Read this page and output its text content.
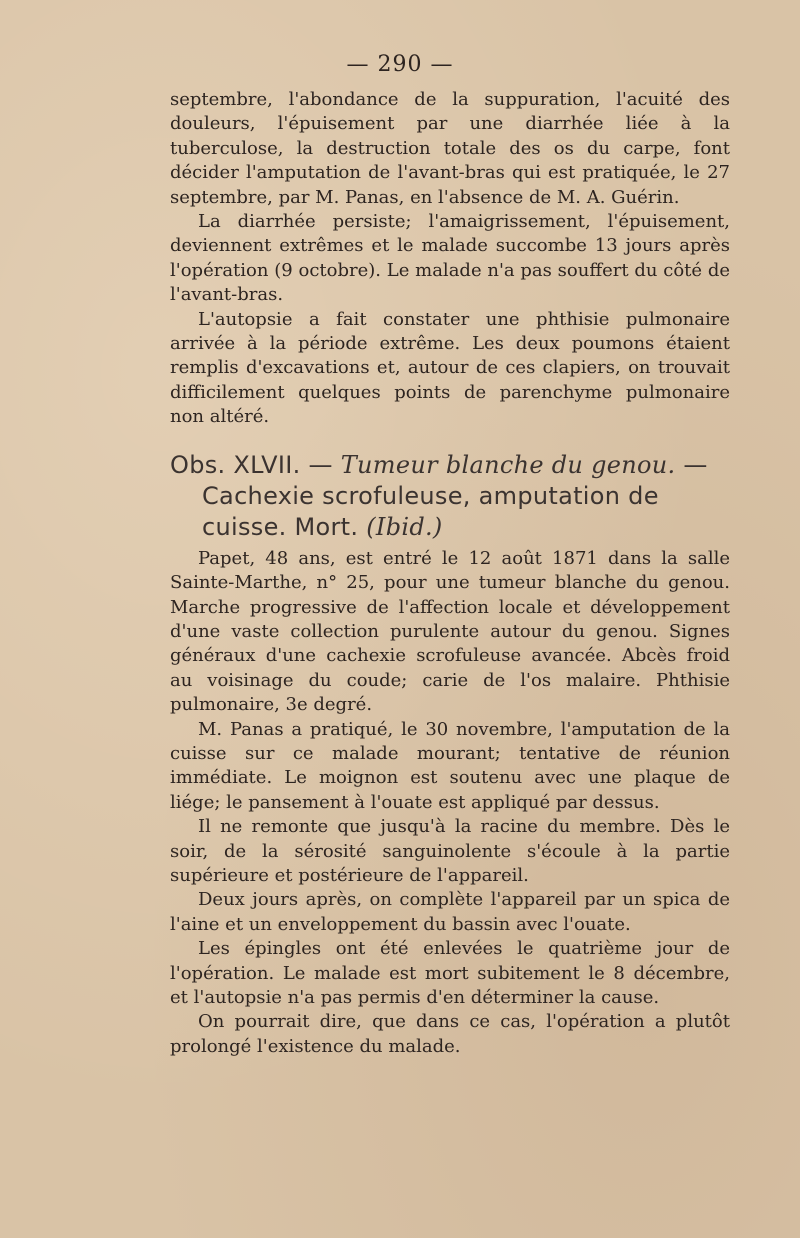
— 290 —

septembre, l'abondance de la suppuration, l'acuité des douleurs, l'épuisement par une diarrhée liée à la tuberculose, la destruction totale des os du carpe, font décider l'amputation de l'avant-bras qui est pratiquée, le 27 septembre, par M. Panas, en l'absence de M. A. Guérin.

La diarrhée persiste; l'amaigrissement, l'épuisement, deviennent extrêmes et le malade succombe 13 jours après l'opération (9 octobre). Le malade n'a pas souffert du côté de l'avant-bras.

L'autopsie a fait constater une phthisie pulmonaire arrivée à la période extrême. Les deux poumons étaient remplis d'excavations et, autour de ces clapiers, on trouvait difficilement quelques points de parenchyme pulmonaire non altéré.

Obs. XLVII. — Tumeur blanche du genou. — Cachexie scrofuleuse, amputation de cuisse. Mort. (Ibid.)

Papet, 48 ans, est entré le 12 août 1871 dans la salle Sainte-Marthe, n° 25, pour une tumeur blanche du genou. Marche progressive de l'affection locale et développement d'une vaste collection purulente autour du genou. Signes généraux d'une cachexie scrofuleuse avancée. Abcès froid au voisinage du coude; carie de l'os malaire. Phthisie pulmonaire, 3e degré.

M. Panas a pratiqué, le 30 novembre, l'amputation de la cuisse sur ce malade mourant; tentative de réunion immédiate. Le moignon est soutenu avec une plaque de liége; le pansement à l'ouate est appliqué par dessus.

Il ne remonte que jusqu'à la racine du membre. Dès le soir, de la sérosité sanguinolente s'écoule à la partie supérieure et postérieure de l'appareil.

Deux jours après, on complète l'appareil par un spica de l'aine et un enveloppement du bassin avec l'ouate.

Les épingles ont été enlevées le quatrième jour de l'opération. Le malade est mort subitement le 8 décembre, et l'autopsie n'a pas permis d'en déterminer la cause.

On pourrait dire, que dans ce cas, l'opération a plutôt prolongé l'existence du malade.
